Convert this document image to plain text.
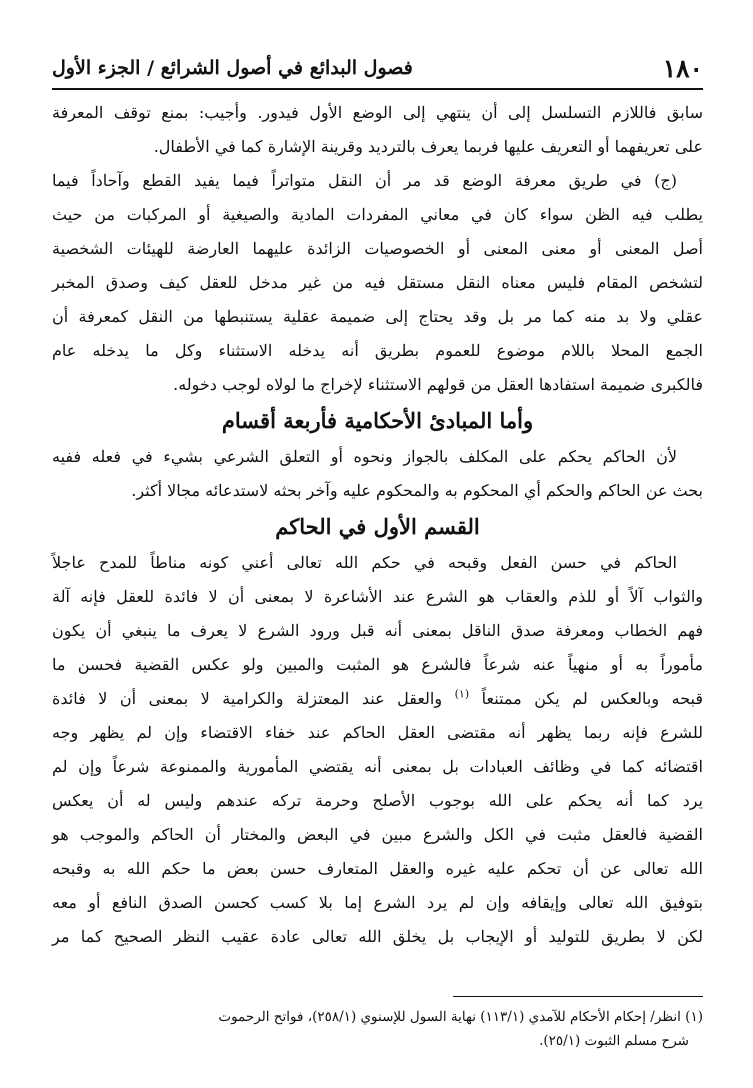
١٨٠
فصول البدائع في أصول الشرائع / الجزء الأول
سابق فاللازم التسلسل إلى أن ينتهي إلى الوضع الأول فيدور. وأجيب: بمنع توقف المعرفة
على تعريفهما أو التعريف عليها فربما يعرف بالترديد وقرينة الإشارة كما في الأطفال.
(ج) في طريق معرفة الوضع قد مر أن النقل متواتراً فيما يفيد القطع وآحاداً فيما
يطلب فيه الظن سواء كان في معاني المفردات المادية والصيغية أو المركبات من حيث
أصل المعنى أو معنى المعنى أو الخصوصيات الزائدة عليهما العارضة للهيئات الشخصية
لتشخص المقام فليس معناه النقل مستقل فيه من غير مدخل للعقل كيف وصدق المخبر
عقلي ولا بد منه كما مر بل وقد يحتاج إلى ضميمة عقلية يستنبطها من النقل كمعرفة أن
الجمع المحلا باللام موضوع للعموم بطريق أنه يدخله الاستثناء وكل ما يدخله عام
فالكبرى ضميمة استفادها العقل من قولهم الاستثناء لإخراج ما لولاه لوجب دخوله.
وأما المبادئ الأحكامية فأربعة أقسام
لأن الحاكم يحكم على المكلف بالجواز ونحوه أو التعلق الشرعي بشيء في فعله ففيه
بحث عن الحاكم والحكم أي المحكوم به والمحكوم عليه وآخر بحثه لاستدعائه مجالا أكثر.
القسم الأول في الحاكم
الحاكم في حسن الفعل وقبحه في حكم الله تعالى أعني كونه مناطاً للمدح عاجلاً
والثواب آلاً أو للذم والعقاب هو الشرع عند الأشاعرة لا بمعنى أن لا فائدة للعقل فإنه آلة
فهم الخطاب ومعرفة صدق الناقل بمعنى أنه قبل ورود الشرع لا يعرف ما ينبغي أن يكون
مأموراً به أو منهياً عنه شرعاً فالشرع هو المثبت والمبين ولو عكس القضية فحسن ما
قبحه وبالعكس لم يكن ممتنعاً $^{(١)}$ والعقل عند المعتزلة والكرامية لا بمعنى أن لا فائدة
للشرع فإنه ربما يظهر أنه مقتضى العقل الحاكم عند خفاء الاقتضاء وإن لم يظهر وجه
اقتضائه كما في وظائف العبادات بل بمعنى أنه يقتضي المأمورية والممنوعة شرعاً وإن لم
يرد كما أنه يحكم على الله بوجوب الأصلح وحرمة تركه عندهم وليس له أن يعكس
القضية فالعقل مثبت في الكل والشرع مبين في البعض والمختار أن الحاكم والموجب هو
الله تعالى عن أن تحكم عليه غيره والعقل المتعارف حسن بعض ما حكم الله به وقبحه
بتوفيق الله تعالى وإيقافه وإن لم يرد الشرع إما بلا كسب كحسن الصدق النافع أو معه
لكن لا بطريق للتوليد أو الإيجاب بل يخلق الله تعالى عادة عقيب النظر الصحيح كما مر
(١) انظر/ إحكام الأحكام للآمدي (١١٣/١) نهاية السول للإسنوي (٢٥٨/١)، فواتح الرحموت
شرح مسلم الثبوت (٢٥/١).
